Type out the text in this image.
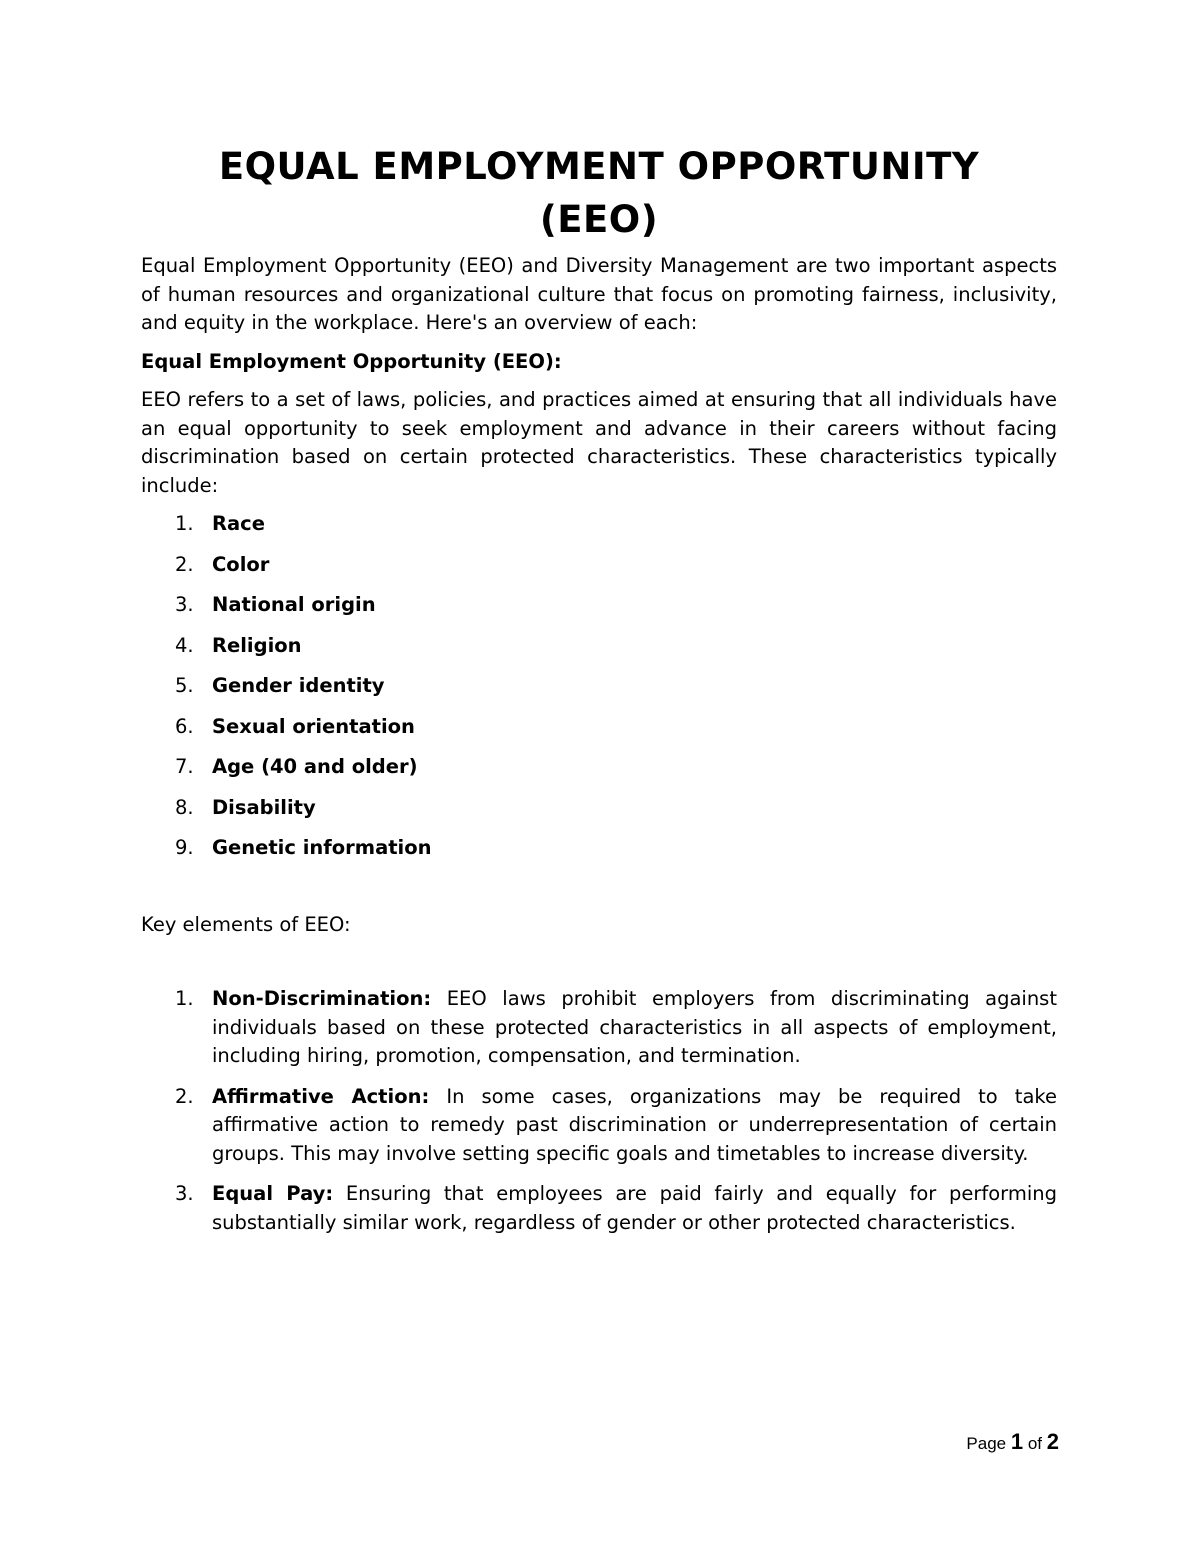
EQUAL EMPLOYMENT OPPORTUNITY
(EEO)

Equal Employment Opportunity (EEO) and Diversity Management are two important aspects of human resources and organizational culture that focus on promoting fairness, inclusivity, and equity in the workplace. Here's an overview of each:

Equal Employment Opportunity (EEO):

EEO refers to a set of laws, policies, and practices aimed at ensuring that all individuals have an equal opportunity to seek employment and advance in their careers without facing discrimination based on certain protected characteristics. These characteristics typically include:

1. Race
2. Color
3. National origin
4. Religion
5. Gender identity
6. Sexual orientation
7. Age (40 and older)
8. Disability
9. Genetic information

Key elements of EEO:

1. Non-Discrimination: EEO laws prohibit employers from discriminating against individuals based on these protected characteristics in all aspects of employment, including hiring, promotion, compensation, and termination.
2. Affirmative Action: In some cases, organizations may be required to take affirmative action to remedy past discrimination or underrepresentation of certain groups. This may involve setting specific goals and timetables to increase diversity.
3. Equal Pay: Ensuring that employees are paid fairly and equally for performing substantially similar work, regardless of gender or other protected characteristics.
Page 1 of 2
